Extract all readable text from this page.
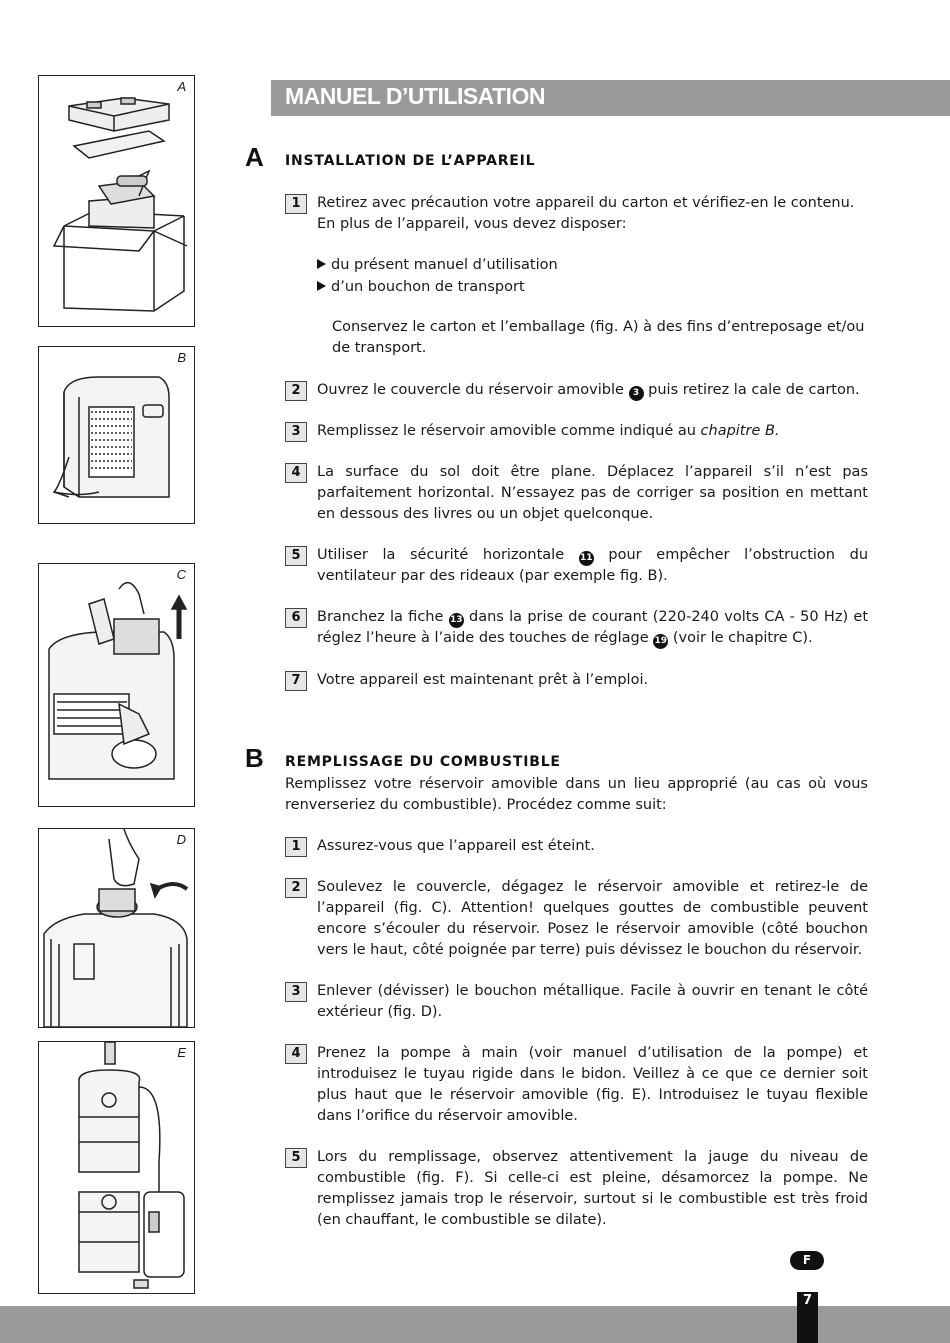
A
B
C
D
E
MANUEL D’UTILISATION
A INSTALLATION DE L’APPAREIL
1	Retirez avec précaution votre appareil du carton et vérifiez-en le contenu.
En plus de l’appareil, vous devez disposer:
du présent manuel d’utilisation
d’un bouchon de transport
Conservez le carton et l’emballage (fig. A) à des fins d’entreposage et/ou de transport.
2	Ouvrez le couvercle du réservoir amovible 3 puis retirez la cale de carton.
3	Remplissez le réservoir amovible comme indiqué au chapitre B.
4	La surface du sol doit être plane. Déplacez l’appareil s’il n’est pas parfaitement horizontal. N’essayez pas de corriger sa position en mettant en dessous des livres ou un objet quelconque.
5	Utiliser la sécurité horizontale 11 pour empêcher l’obstruction du ventilateur par des rideaux (par exemple fig. B).
6	Branchez la fiche 13 dans la prise de courant (220-240 volts CA - 50 Hz) et réglez l’heure à l’aide des touches de réglage 19 (voir le chapitre C).
7	Votre appareil est maintenant prêt à l’emploi.
B REMPLISSAGE DU COMBUSTIBLE
Remplissez votre réservoir amovible dans un lieu approprié (au cas où vous renverseriez du combustible). Procédez comme suit:
1	Assurez-vous que l’appareil est éteint.
2	Soulevez le couvercle, dégagez le réservoir amovible et retirez-le de l’appareil (fig. C). Attention! quelques gouttes de combustible peuvent encore s’écouler du réservoir. Posez le réservoir amovible (côté bouchon vers le haut, côté poignée par terre) puis dévissez le bouchon du réservoir.
3	Enlever (dévisser) le bouchon métallique. Facile à ouvrir en tenant le côté extérieur (fig. D).
4	Prenez la pompe à main (voir manuel d’utilisation de la pompe) et introduisez le tuyau rigide dans le bidon. Veillez à ce que ce dernier soit plus haut que le réservoir amovible (fig. E). Introduisez le tuyau flexible dans l’orifice du réservoir amovible.
5	Lors du remplissage, observez attentivement la jauge du niveau de combustible (fig. F). Si celle-ci est pleine, désamorcez la pompe. Ne remplissez jamais trop le réservoir, surtout si le combustible est très froid (en chauffant, le combustible se dilate).
F
7
